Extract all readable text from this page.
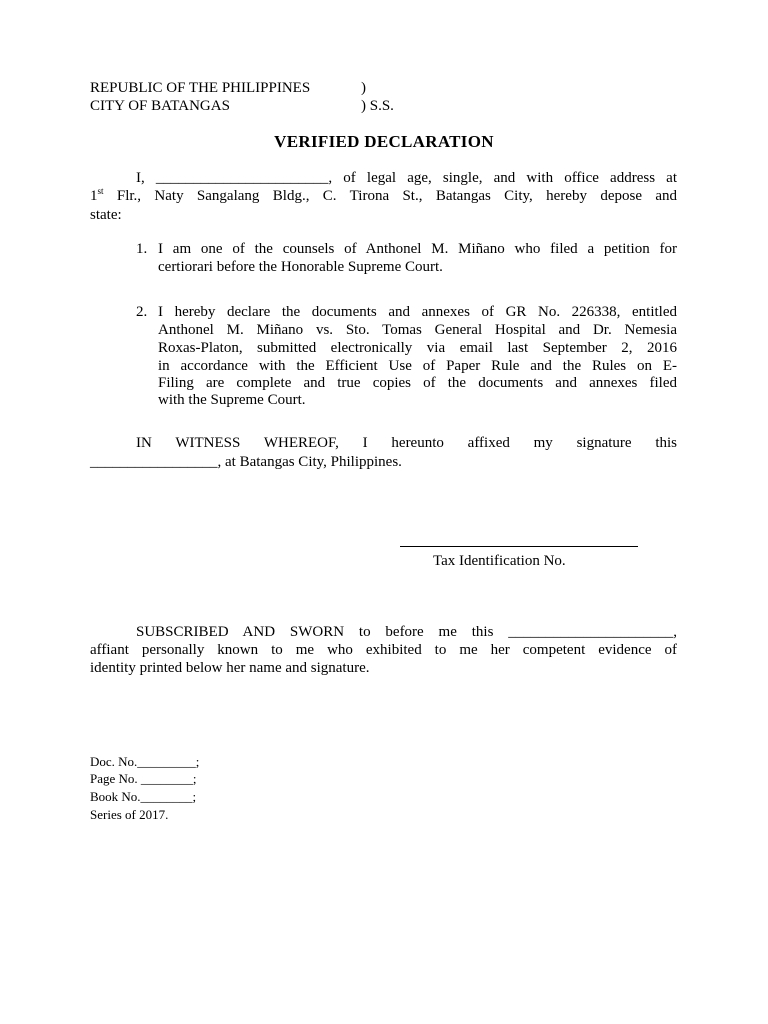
REPUBLIC OF THE PHILIPPINES	)
CITY OF BATANGAS	) S.S.
VERIFIED DECLARATION
I, _______________________, of legal age, single, and with office address at
1st Flr., Naty Sangalang Bldg., C. Tirona St., Batangas City, hereby depose and
state:
1. I am one of the counsels of Anthonel M. Miñano who filed a petition for
certiorari before the Honorable Supreme Court.
2. I hereby declare the documents and annexes of GR No. 226338, entitled
Anthonel M. Miñano vs. Sto. Tomas General Hospital and Dr. Nemesia
Roxas-Platon, submitted electronically via email last September 2, 2016
in accordance with the Efficient Use of Paper Rule and the Rules on E-
Filing are complete and true copies of the documents and annexes filed
with the Supreme Court.
IN WITNESS WHEREOF, I hereunto affixed my signature this
_________________, at Batangas City, Philippines.
Tax Identification No.
SUBSCRIBED AND SWORN to before me this ______________________,
affiant personally known to me who exhibited to me her competent evidence of
identity printed below her name and signature.
Doc. No._________;
Page No. ________;
Book No.________;
Series of 2017.
